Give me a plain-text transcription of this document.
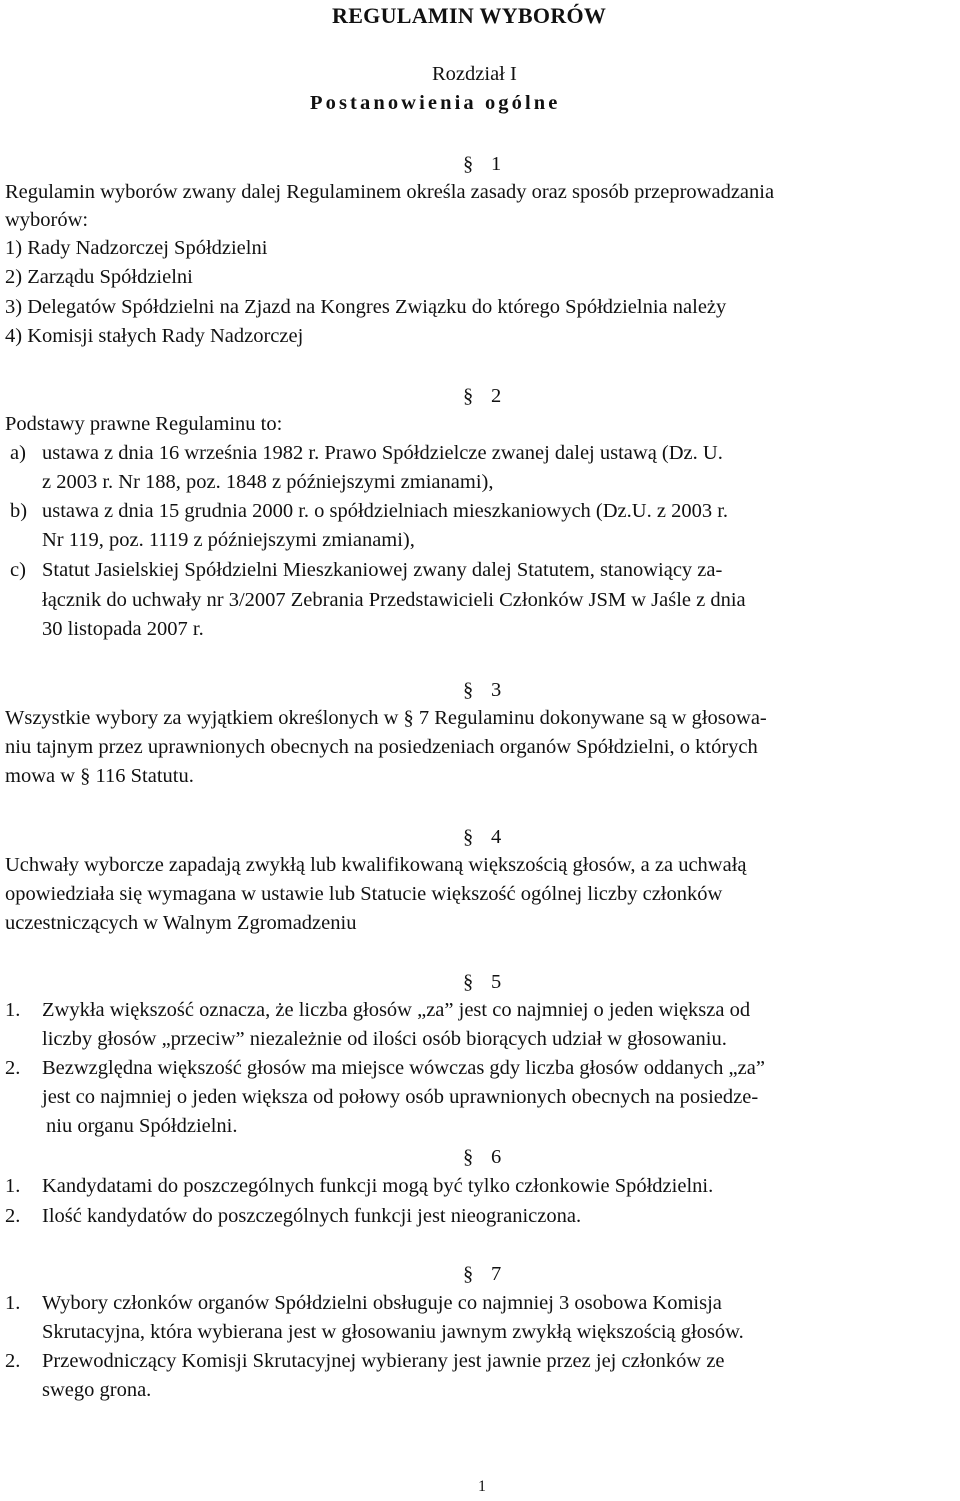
REGULAMIN WYBORÓW
Rozdział I
Postanowienia ogólne
§ 1
Regulamin wyborów zwany dalej Regulaminem określa zasady oraz sposób przeprowadzania
wyborów:
1) Rady Nadzorczej Spółdzielni
2) Zarządu Spółdzielni
3) Delegatów Spółdzielni na Zjazd na Kongres Związku do którego Spółdzielnia należy
4) Komisji stałych Rady Nadzorczej
§ 2
Podstawy prawne Regulaminu to:
a) ustawa z dnia 16 września 1982 r. Prawo Spółdzielcze zwanej dalej ustawą (Dz. U.
z 2003 r. Nr 188, poz. 1848 z późniejszymi zmianami),
b) ustawa z dnia 15 grudnia 2000 r. o spółdzielniach mieszkaniowych (Dz.U. z 2003 r.
Nr 119, poz. 1119 z późniejszymi zmianami),
c) Statut Jasielskiej Spółdzielni Mieszkaniowej zwany dalej Statutem, stanowiący za-
łącznik do uchwały nr 3/2007 Zebrania Przedstawicieli Członków JSM w Jaśle z dnia
30 listopada 2007 r.
§ 3
Wszystkie wybory za wyjątkiem określonych w § 7 Regulaminu dokonywane są w głosowa-
niu tajnym przez uprawnionych obecnych na posiedzeniach organów Spółdzielni, o których
mowa w § 116 Statutu.
§ 4
Uchwały wyborcze zapadają zwykłą lub kwalifikowaną większością głosów, a za uchwałą
opowiedziała się wymagana w ustawie lub Statucie większość ogólnej liczby członków
uczestniczących w Walnym Zgromadzeniu
§ 5
1. Zwykła większość oznacza, że liczba głosów „za” jest co najmniej o jeden większa od
liczby głosów „przeciw” niezależnie od ilości osób biorących udział w głosowaniu.
2. Bezwzględna większość głosów ma miejsce wówczas gdy liczba głosów oddanych „za”
jest co najmniej o jeden większa od połowy osób uprawnionych obecnych na posiedze-
niu organu Spółdzielni.
§ 6
1. Kandydatami do poszczególnych funkcji mogą być tylko członkowie Spółdzielni.
2. Ilość kandydatów do poszczególnych funkcji jest nieograniczona.
§ 7
1. Wybory członków organów Spółdzielni obsługuje co najmniej 3 osobowa Komisja
Skrutacyjna, która wybierana jest w głosowaniu jawnym zwykłą większością głosów.
2. Przewodniczący Komisji Skrutacyjnej wybierany jest jawnie przez jej członków ze
swego grona.
1
